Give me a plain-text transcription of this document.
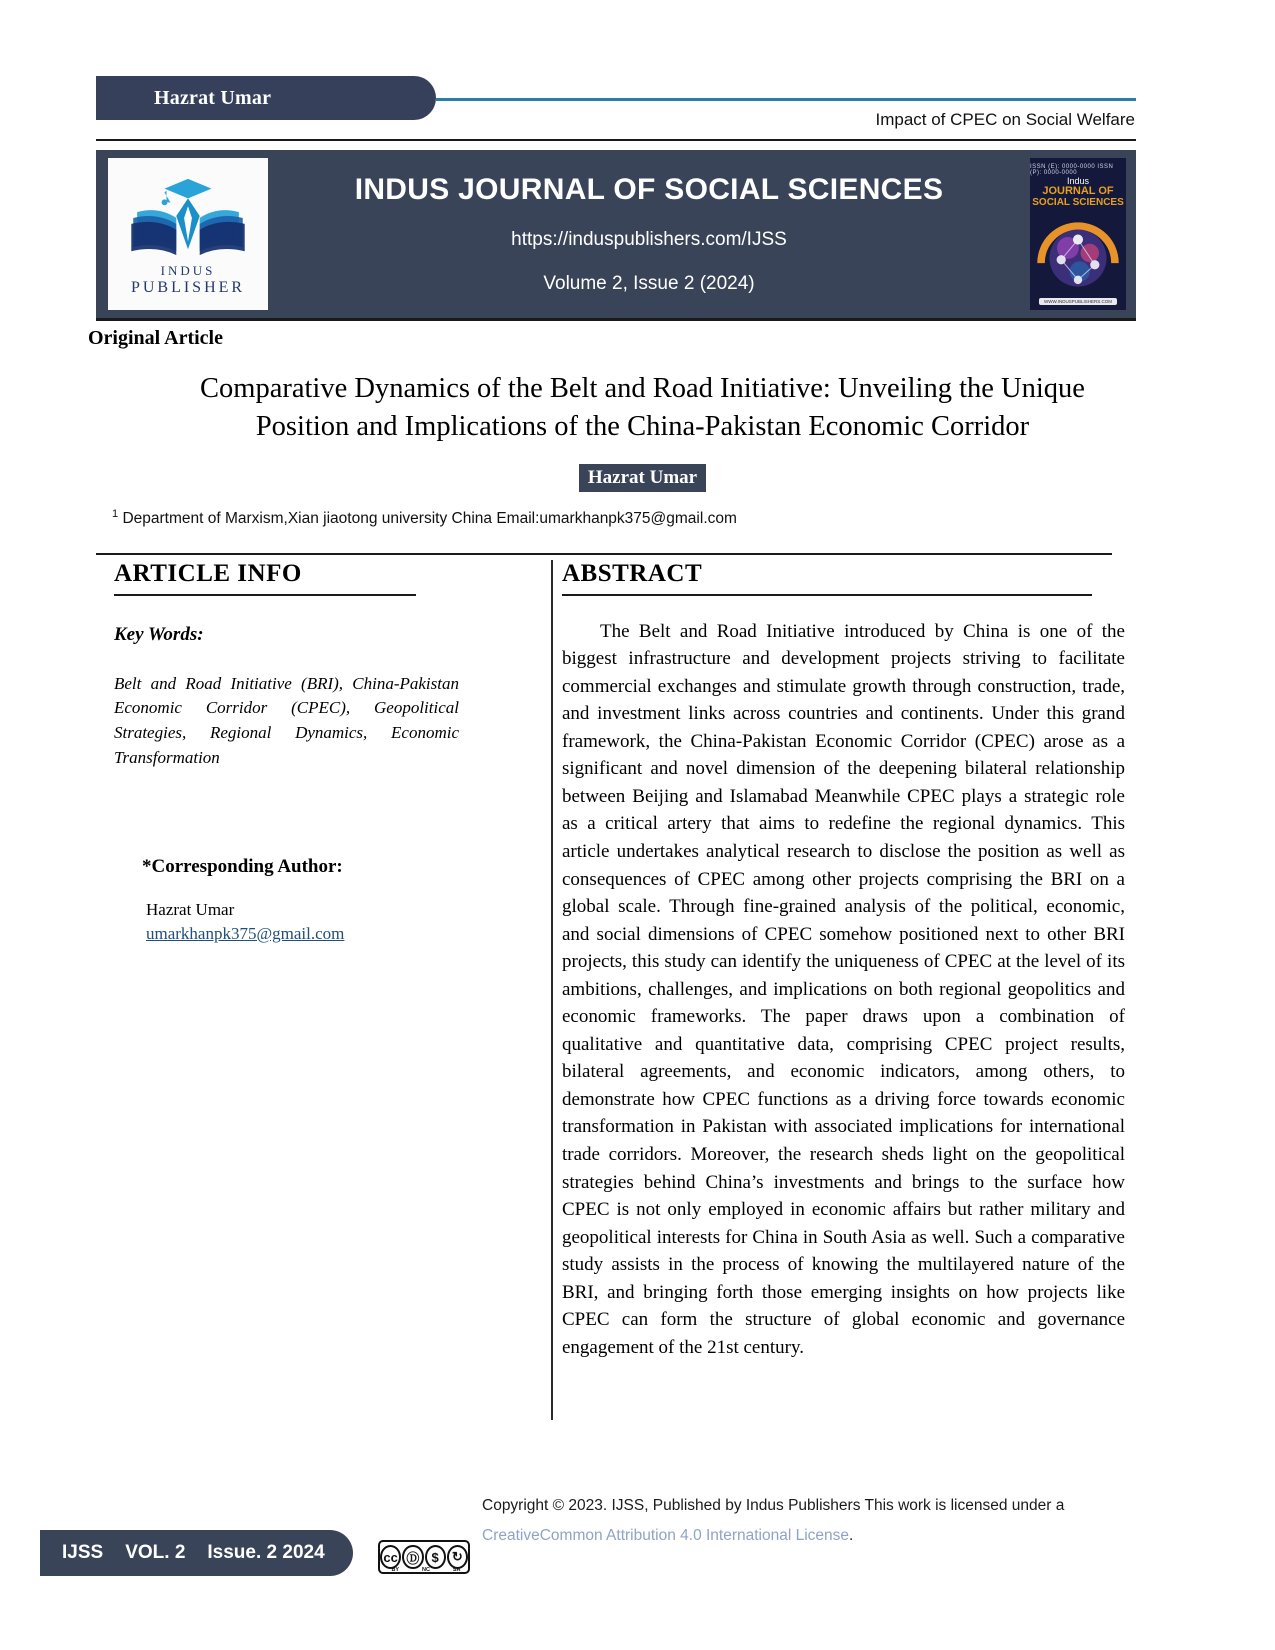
Hazrat Umar
Impact of CPEC on Social Welfare
INDUS
PUBLISHER
INDUS JOURNAL OF SOCIAL SCIENCES
https://induspublishers.com/IJSS
Volume 2, Issue 2 (2024)
ISSN (E): 0000-0000 ISSN (P): 0000-0000
Indus
JOURNAL OF
SOCIAL SCIENCES
WWW.INDUSPUBLISHERS.COM
Original Article
Comparative Dynamics of the Belt and Road Initiative: Unveiling the Unique Position and Implications of the China-Pakistan Economic Corridor
Hazrat Umar
$^1$ Department of Marxism,Xian jiaotong university China Email:umarkhanpk375@gmail.com
ARTICLE INFO
Key Words:
Belt and Road Initiative (BRI), China-Pakistan Economic Corridor (CPEC), Geopolitical Strategies, Regional Dynamics, Economic Transformation
*Corresponding Author:
Hazrat Umar
umarkhanpk375@gmail.com
ABSTRACT
The Belt and Road Initiative introduced by China is one of the biggest infrastructure and development projects striving to facilitate commercial exchanges and stimulate growth through construction, trade, and investment links across countries and continents. Under this grand framework, the China-Pakistan Economic Corridor (CPEC) arose as a significant and novel dimension of the deepening bilateral relationship between Beijing and Islamabad Meanwhile CPEC plays a strategic role as a critical artery that aims to redefine the regional dynamics. This article undertakes analytical research to disclose the position as well as consequences of CPEC among other projects comprising the BRI on a global scale. Through fine-grained analysis of the political, economic, and social dimensions of CPEC somehow positioned next to other BRI projects, this study can identify the uniqueness of CPEC at the level of its ambitions, challenges, and implications on both regional geopolitics and economic frameworks. The paper draws upon a combination of qualitative and quantitative data, comprising CPEC project results, bilateral agreements, and economic indicators, among others, to demonstrate how CPEC functions as a driving force towards economic transformation in Pakistan with associated implications for international trade corridors. Moreover, the research sheds light on the geopolitical strategies behind China’s investments and brings to the surface how CPEC is not only employed in economic affairs but rather military and geopolitical interests for China in South Asia as well. Such a comparative study assists in the process of knowing the multilayered nature of the BRI, and bringing forth those emerging insights on how projects like CPEC can form the structure of global economic and governance engagement of the 21st century.
IJSS VOL. 2 Issue. 2 2024	cc Ⓓ $	↻
BY	NC	SA
Copyright © 2023. IJSS, Published by Indus Publishers This work is licensed under a CreativeCommon Attribution 4.0 International License.
